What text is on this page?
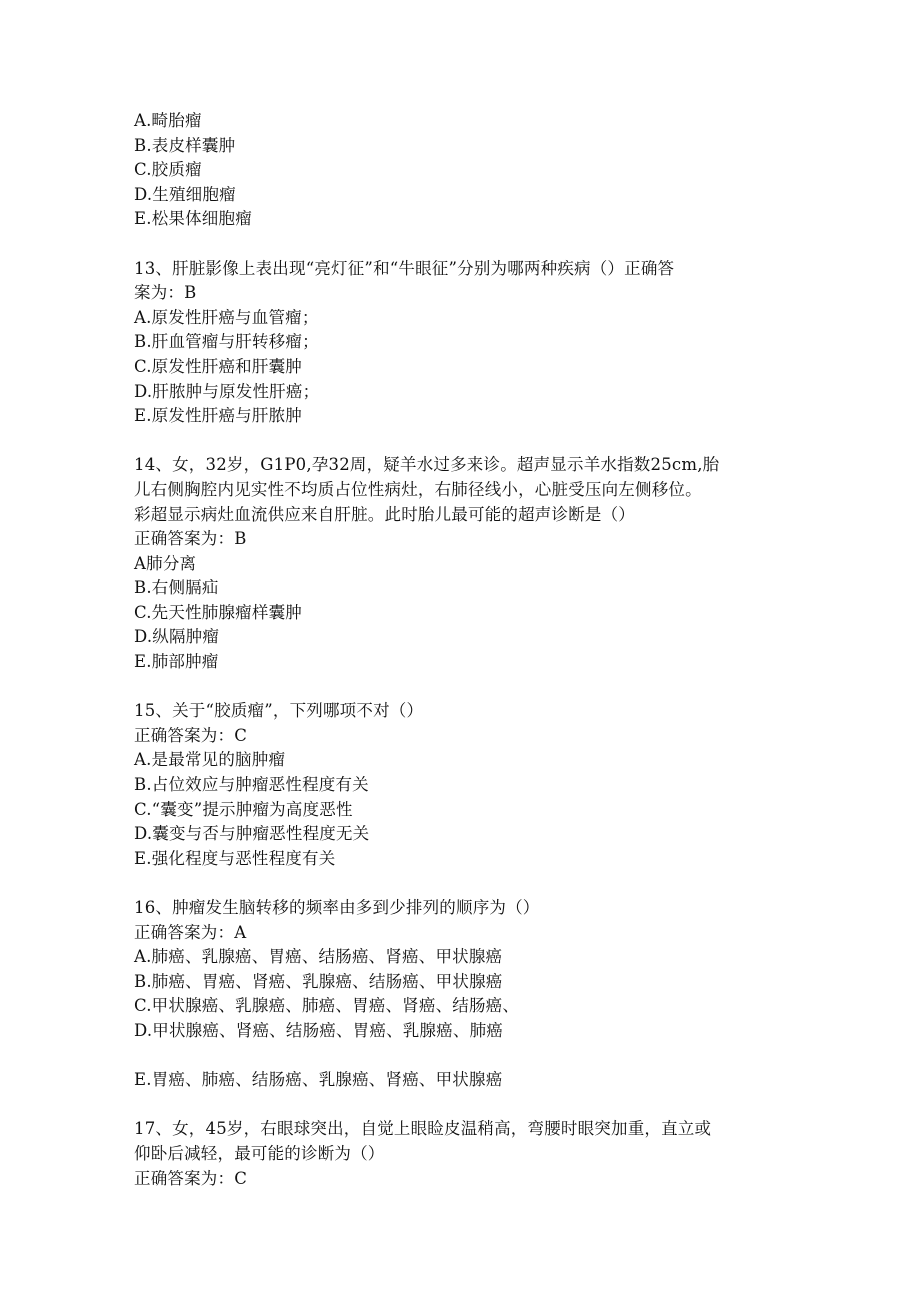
A.畸胎瘤
B.表皮样囊肿
C.胶质瘤
D.生殖细胞瘤
E.松果体细胞瘤
13、肝脏影像上表出现“亮灯征”和“牛眼征”分别为哪两种疾病（）正确答
案为：B
A.原发性肝癌与血管瘤；
B.肝血管瘤与肝转移瘤；
C.原发性肝癌和肝囊肿
D.肝脓肿与原发性肝癌；
E.原发性肝癌与肝脓肿
14、女，32岁，G1P0,孕32周，疑羊水过多来诊。超声显示羊水指数25cm,胎
儿右侧胸腔内见实性不均质占位性病灶，右肺径线小，心脏受压向左侧移位。
彩超显示病灶血流供应来自肝脏。此时胎儿最可能的超声诊断是（）
正确答案为：B
A肺分离
B.右侧膈疝
C.先天性肺腺瘤样囊肿
D.纵隔肿瘤
E.肺部肿瘤
15、关于“胶质瘤”，下列哪项不对（）
正确答案为：C
A.是最常见的脑肿瘤
B.占位效应与肿瘤恶性程度有关
C.“囊变”提示肿瘤为高度恶性
D.囊变与否与肿瘤恶性程度无关
E.强化程度与恶性程度有关
16、肿瘤发生脑转移的频率由多到少排列的顺序为（）
正确答案为：A
A.肺癌、乳腺癌、胃癌、结肠癌、肾癌、甲状腺癌
B.肺癌、胃癌、肾癌、乳腺癌、结肠癌、甲状腺癌
C.甲状腺癌、乳腺癌、肺癌、胃癌、肾癌、结肠癌、
D.甲状腺癌、肾癌、结肠癌、胃癌、乳腺癌、肺癌
E.胃癌、肺癌、结肠癌、乳腺癌、肾癌、甲状腺癌
17、女，45岁，右眼球突出，自觉上眼睑皮温稍高，弯腰时眼突加重，直立或
仰卧后减轻，最可能的诊断为（）
正确答案为：C
